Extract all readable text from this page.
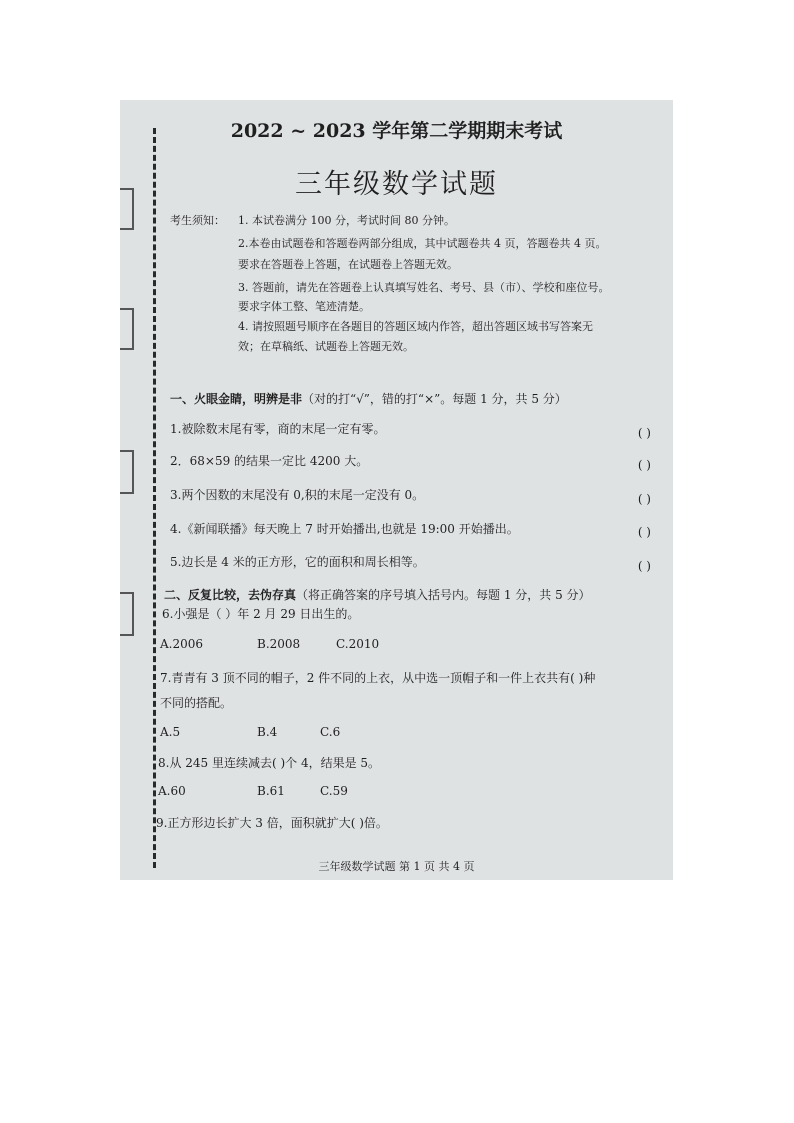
2022 ~ 2023 学年第二学期期末考试
三年级数学试题
考生须知： 1. 本试卷满分 100 分，考试时间 80 分钟。
2.本卷由试题卷和答题卷两部分组成，其中试题卷共 4 页，答题卷共 4 页。
要求在答题卷上答题，在试题卷上答题无效。
3. 答题前，请先在答题卷上认真填写姓名、考号、县（市）、学校和座位号。
要求字体工整、笔迹清楚。
4. 请按照题号顺序在各题目的答题区域内作答，超出答题区域书写答案无
效；在草稿纸、试题卷上答题无效。
一、火眼金睛，明辨是非（对的打“√”，错的打“×”。每题 1 分，共 5 分）
1.被除数末尾有零，商的末尾一定有零。	( )
2．68×59 的结果一定比 4200 大。	( )
3.两个因数的末尾没有 0,积的末尾一定没有 0。	( )
4.《新闻联播》每天晚上 7 时开始播出,也就是 19:00 开始播出。	( )
5.边长是 4 米的正方形，它的面积和周长相等。	( )
二、反复比较，去伪存真（将正确答案的序号填入括号内。每题 1 分，共 5 分）
6.小强是（ ）年 2 月 29 日出生的。
A.2006	B.2008	C.2010
7.青青有 3 顶不同的帽子，2 件不同的上衣，从中选一顶帽子和一件上衣共有( )种
不同的搭配。
A.5	B.4	C.6
8.从 245 里连续减去( )个 4，结果是 5。
A.60	B.61	C.59
9.正方形边长扩大 3 倍，面积就扩大( )倍。
三年级数学试题 第 1 页 共 4 页
